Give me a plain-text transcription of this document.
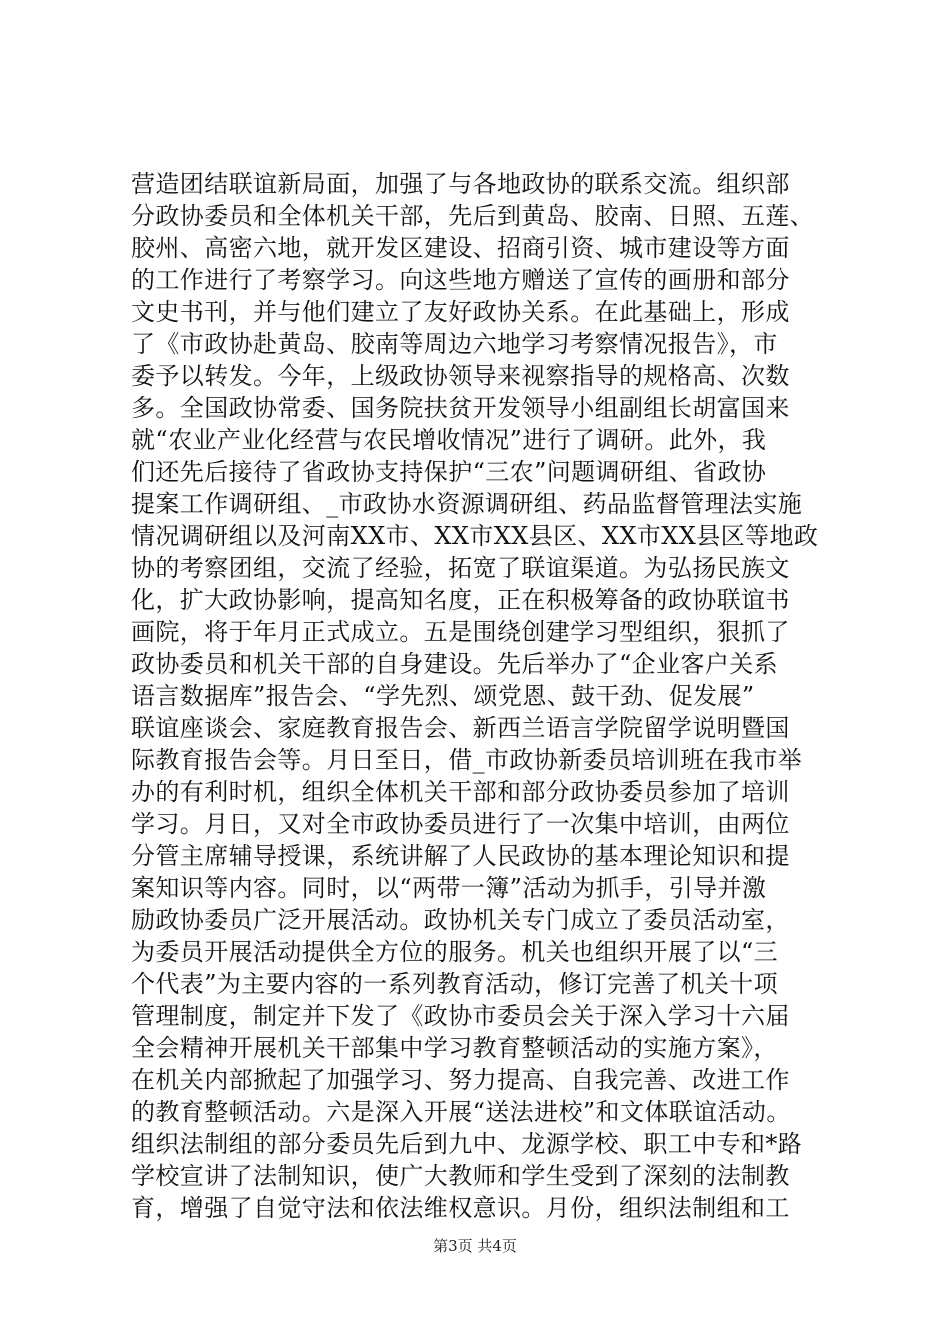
营造团结联谊新局面，加强了与各地政协的联系交流。组织部
分政协委员和全体机关干部，先后到黄岛、胶南、日照、五莲、
胶州、高密六地，就开发区建设、招商引资、城市建设等方面
的工作进行了考察学习。向这些地方赠送了宣传的画册和部分
文史书刊，并与他们建立了友好政协关系。在此基础上，形成
了《市政协赴黄岛、胶南等周边六地学习考察情况报告》，市
委予以转发。今年，上级政协领导来视察指导的规格高、次数
多。全国政协常委、国务院扶贫开发领导小组副组长胡富国来
就“农业产业化经营与农民增收情况”进行了调研。此外，我
们还先后接待了省政协支持保护“三农”问题调研组、省政协
提案工作调研组、_市政协水资源调研组、药品监督管理法实施
情况调研组以及河南XX市、XX市XX县区、XX市XX县区等地政
协的考察团组，交流了经验，拓宽了联谊渠道。为弘扬民族文
化，扩大政协影响，提高知名度，正在积极筹备的政协联谊书
画院，将于年月正式成立。五是围绕创建学习型组织，狠抓了
政协委员和机关干部的自身建设。先后举办了“企业客户关系
语言数据库”报告会、“学先烈、颂党恩、鼓干劲、促发展”
联谊座谈会、家庭教育报告会、新西兰语言学院留学说明暨国
际教育报告会等。月日至日，借_市政协新委员培训班在我市举
办的有利时机，组织全体机关干部和部分政协委员参加了培训
学习。月日，又对全市政协委员进行了一次集中培训，由两位
分管主席辅导授课，系统讲解了人民政协的基本理论知识和提
案知识等内容。同时，以“两带一簿”活动为抓手，引导并激
励政协委员广泛开展活动。政协机关专门成立了委员活动室，
为委员开展活动提供全方位的服务。机关也组织开展了以“三
个代表”为主要内容的一系列教育活动，修订完善了机关十项
管理制度，制定并下发了《政协市委员会关于深入学习十六届
全会精神开展机关干部集中学习教育整顿活动的实施方案》，
在机关内部掀起了加强学习、努力提高、自我完善、改进工作
的教育整顿活动。六是深入开展“送法进校”和文体联谊活动。
组织法制组的部分委员先后到九中、龙源学校、职工中专和*路
学校宣讲了法制知识，使广大教师和学生受到了深刻的法制教
育，增强了自觉守法和依法维权意识。月份，组织法制组和工
第3页 共4页
